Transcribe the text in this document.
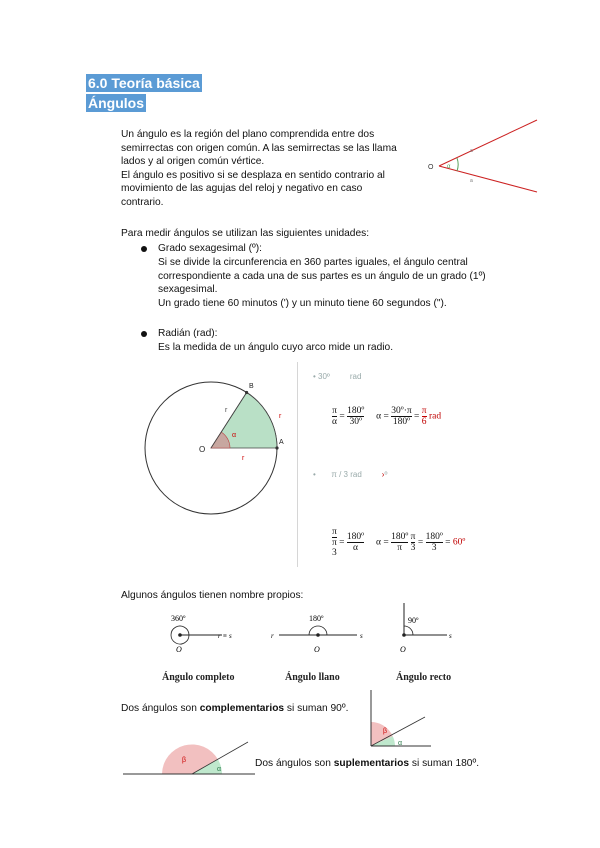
6.0 Teoría básica
Ángulos
Un ángulo es la región del plano comprendida entre dos
semirrectas con origen común. A las semirrectas se las llama
lados y al origen común vértice.
El ángulo es positivo si se desplaza en sentido contrario al
movimiento de las agujas del reloj y negativo en caso
contrario.
O α
a
a
Para medir ángulos se utilizan las siguientes unidades:
Grado sexagesimal (º):
Si se divide la circunferencia en 360 partes iguales, el ángulo central
correspondiente a cada una de sus partes es un ángulo de un grado (1º)
sexagesimal.
Un grado tiene 60 minutos (') y un minuto tiene 60 segundos (").
Radián (rad):
Es la medida de un ángulo cuyo arco mide un radio.
O
A
B
r
r
r
α
• 30º	rad
$\frac{\pi}{\alpha} = \frac{\text{180º}}{\text{30º}}$ $\alpha = \frac{\text{30º·π}}{\text{180º}} = \frac{\pi}{6}$ rad
•       π / 3 rad	›º
π
π
3
= $\frac{\text{180º}}{\alpha}$ $\alpha = \frac{\text{180º}}{\pi}$
$\frac{\pi}{3} = \frac{\text{180º}}{3}$ = 60º
Algunos ángulos tienen nombre propios:
360º
O
r ≡ s
180º
O
r	s
90º
O
s
Ángulo completo	Ángulo llano	Ángulo recto
Dos ángulos son complementarios si suman 90º.
β
α
β
α
Dos ángulos son suplementarios si suman 180º.
